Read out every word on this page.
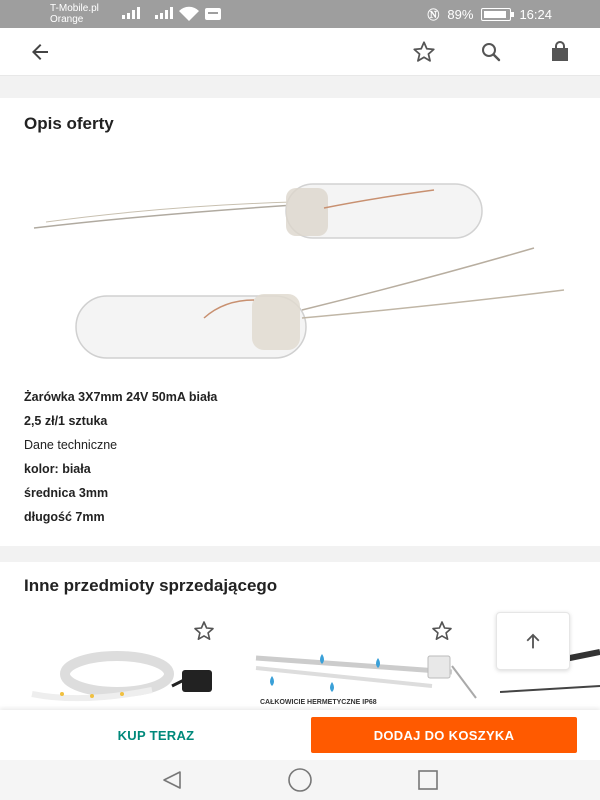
T-Mobile.pl
Orange	Ⓝ 89%	16:24
Opis oferty
Żarówka 3X7mm 24V 50mA biała
2,5 zł/1 sztuka
Dane techniczne
kolor: biała
średnica 3mm
długość 7mm
Inne przedmioty sprzedającego
CAŁKOWICIE HERMETYCZNE IP68
KUP TERAZ	DODAJ DO KOSZYKA
